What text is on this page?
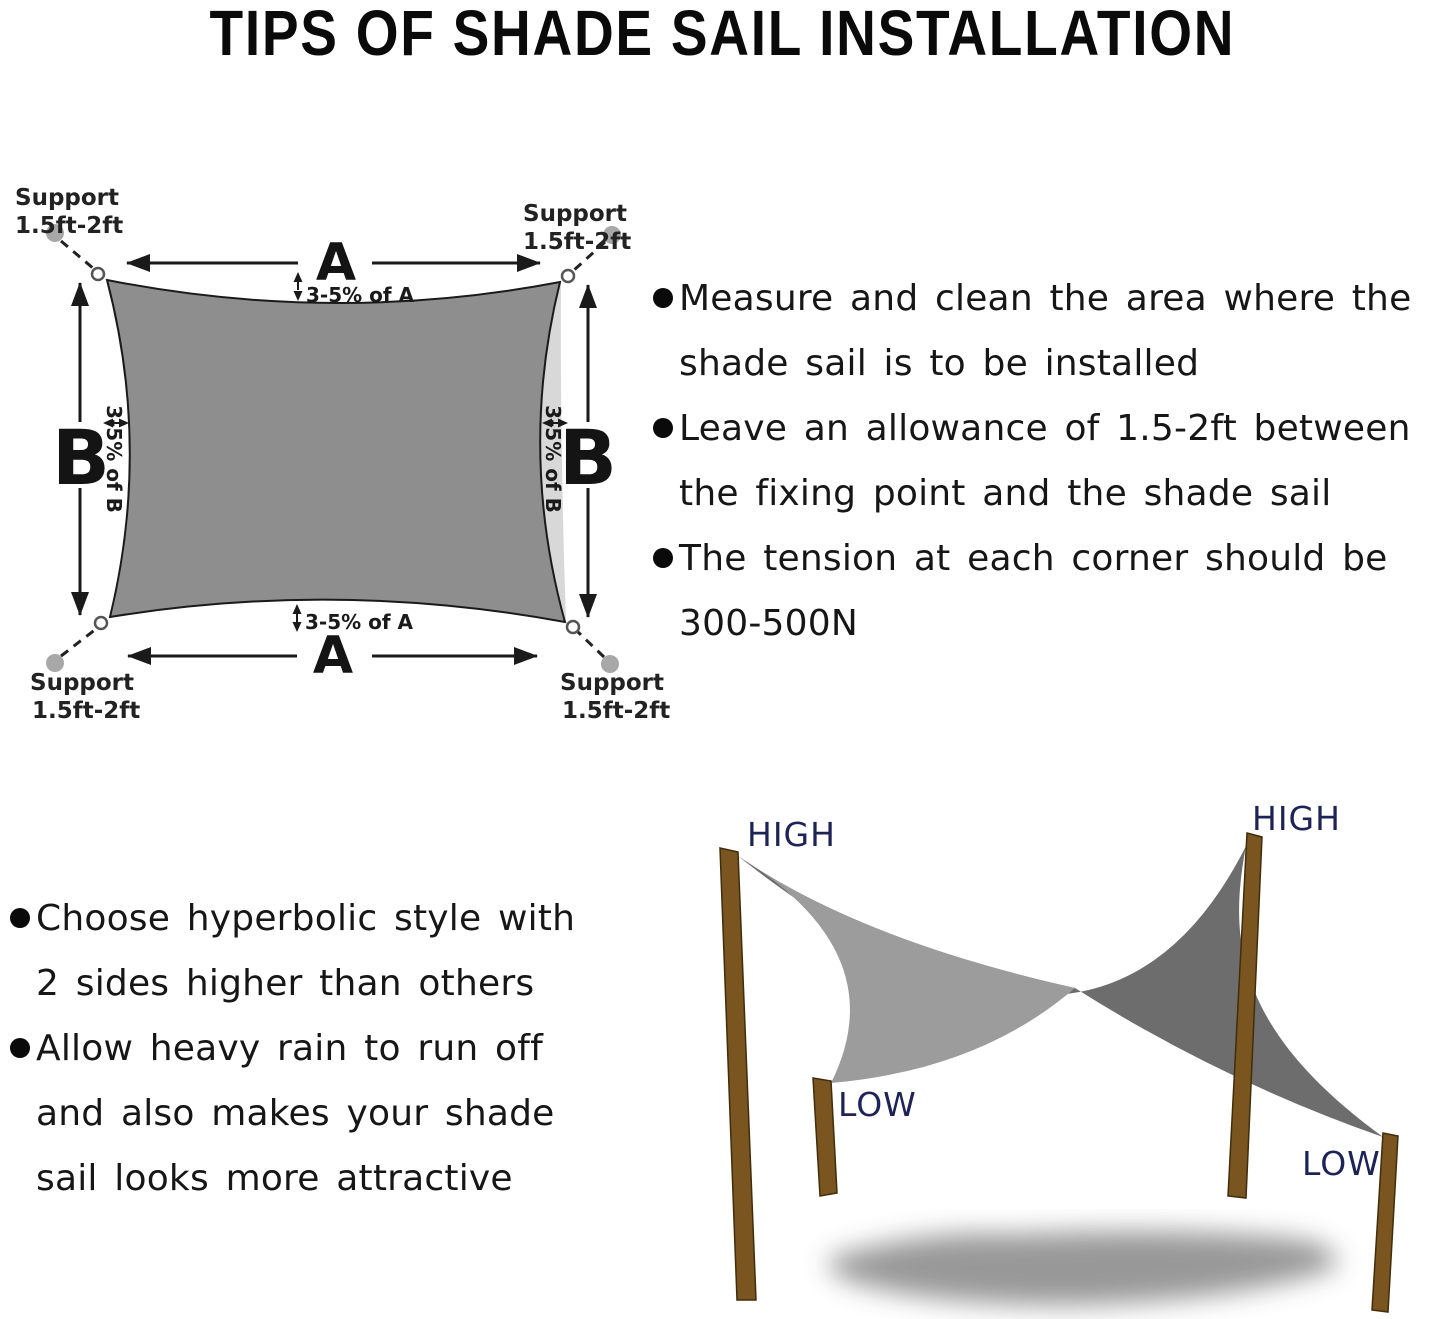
TIPS OF SHADE SAIL INSTALLATION
A
A
B	B
3-5% of A
3-5% of A
3-5% of B	3-5% of B
Support
1.5ft-2ft	Support
1.5ft-2ft
Support
1.5ft-2ft
Support
1.5ft-2ft
Measure and clean the area where the
shade sail is to be installed
Leave an allowance of 1.5-2ft between
the fixing point and the shade sail
The tension at each corner should be
300-500N
Choose hyperbolic style with
2 sides higher than others
Allow heavy rain to run off
and also makes your shade
sail looks more attractive
HIGH	HIGH
LOW
LOW
